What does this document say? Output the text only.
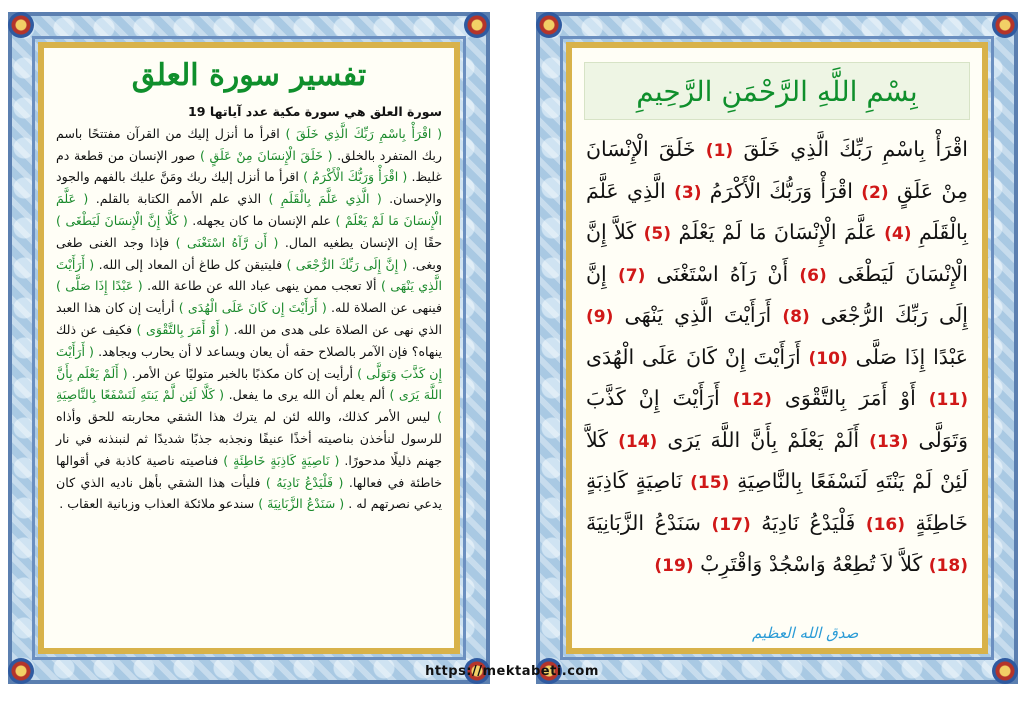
تفسير سورة العلق
سورة العلق هي سورة مكية عدد آياتها 19
( اقْرَأْ بِاسْمِ رَبِّكَ الَّذِي خَلَقَ ) اقرأ ما أنزل إليك من القرآن مفتتحًا باسم ربك المتفرد بالخلق. ( خَلَقَ الْإِنسَانَ مِنْ عَلَقٍ ) صور الإنسان من قطعة دم غليظ. ( اقْرَأْ وَرَبُّكَ الْأَكْرَمُ ) اقرأ ما أنزل إليك ربك ومَنَّ عليك بالفهم والجود والإحسان. ( الَّذِي عَلَّمَ بِالْقَلَمِ ) الذي علم الأمم الكتابة بالقلم. ( عَلَّمَ الْإِنسَانَ مَا لَمْ يَعْلَمْ ) علم الإنسان ما كان يجهله. ( كَلَّا إِنَّ الْإِنسَانَ لَيَطْغَى ) حقًا إن الإنسان يطغيه المال. ( أَن رَّآهُ اسْتَغْنَى ) فإذا وجد الغنى طغى وبغى. ( إِنَّ إِلَى رَبِّكَ الرُّجْعَى ) فليتيقن كل طاغ أن المعاد إلى الله. ( أَرَأَيْتَ الَّذِي يَنْهَى ) ألا تعجب ممن ينهى عباد الله عن طاعة الله. ( عَبْدًا إِذَا صَلَّى ) فينهى عن الصلاة لله. ( أَرَأَيْتَ إِن كَانَ عَلَى الْهُدَى ) أرأيت إن كان هذا العبد الذي نهى عن الصلاة على هدى من الله. ( أَوْ أَمَرَ بِالتَّقْوَى ) فكيف عن ذلك ينهاه؟ فإن الآمر بالصلاح حقه أن يعان ويساعد لا أن يحارب ويجاهد. ( أَرَأَيْتَ إِن كَذَّبَ وَتَوَلَّى ) أرأيت إن كان مكذبًا بالخبر متوليًا عن الأمر. ( أَلَمْ يَعْلَم بِأَنَّ اللَّهَ يَرَى ) ألم يعلم أن الله يرى ما يفعل. ( كَلَّا لَئِن لَّمْ يَنتَهِ لَنَسْفَعًا بِالنَّاصِيَةِ ) ليس الأمر كذلك، والله لئن لم يترك هذا الشقي محاربته للحق وأذاه للرسول لنأخذن بناصيته أخذًا عنيفًا ونجذبه جذبًا شديدًا ثم لنبنذنه في نار جهنم ذليلًا مدحورًا. ( نَاصِيَةٍ كَاذِبَةٍ خَاطِئَةٍ ) فناصيته ناصية كاذبة في أقوالها خاطئة في فعالها. ( فَلْيَدْعُ نَادِيَهُ ) فليأت هذا الشقي بأهل ناديه الذي كان يدعي نصرتهم له . ( سَنَدْعُ الزَّبَانِيَةَ ) سندعو ملائكة العذاب وزبانية العقاب .
بِسْمِ اللَّهِ الرَّحْمَنِ الرَّحِيمِ
اقْرَأْ بِاسْمِ رَبِّكَ الَّذِي خَلَقَ (1) خَلَقَ الْإِنْسَانَ مِنْ عَلَقٍ (2) اقْرَأْ وَرَبُّكَ الْأَكْرَمُ (3) الَّذِي عَلَّمَ بِالْقَلَمِ (4) عَلَّمَ الْإِنْسَانَ مَا لَمْ يَعْلَمْ (5) كَلاَّ إِنَّ الْإِنْسَانَ لَيَطْغَى (6) أَنْ رَآهُ اسْتَغْنَى (7) إِنَّ إِلَى رَبِّكَ الرُّجْعَى (8) أَرَأَيْتَ الَّذِي يَنْهَى (9) عَبْدًا إِذَا صَلَّى (10) أَرَأَيْتَ إِنْ كَانَ عَلَى الْهُدَى (11) أَوْ أَمَرَ بِالتَّقْوَى (12) أَرَأَيْتَ إِنْ كَذَّبَ وَتَوَلَّى (13) أَلَمْ يَعْلَمْ بِأَنَّ اللَّهَ يَرَى (14) كَلاَّ لَئِنْ لَمْ يَنْتَهِ لَنَسْفَعًا بِالنَّاصِيَةِ (15) نَاصِيَةٍ كَاذِبَةٍ خَاطِئَةٍ (16) فَلْيَدْعُ نَادِيَهُ (17) سَنَدْعُ الزَّبَانِيَةَ (18) كَلاَّ لاَ تُطِعْهُ وَاسْجُدْ وَاقْتَرِبْ (19)
صدق الله العظيم
https://mektabeti.com
